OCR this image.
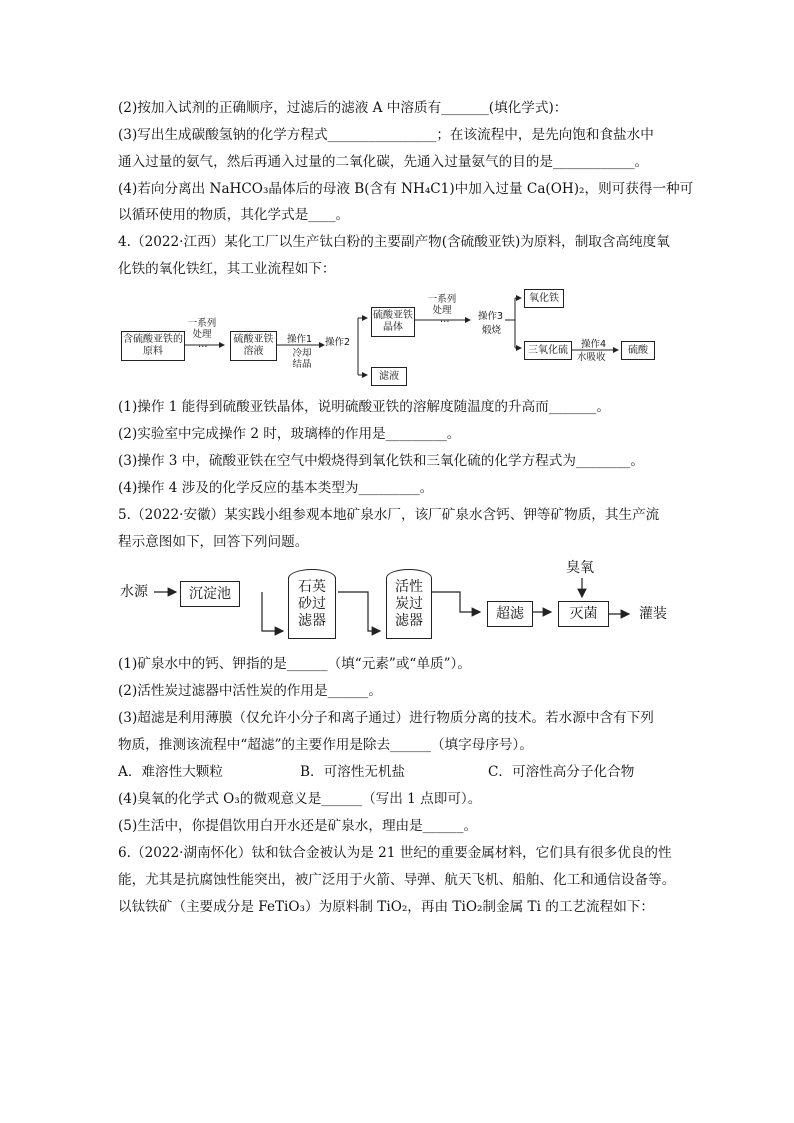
(2)按加入试剂的正确顺序，过滤后的滤液 A 中溶质有_______(填化学式)：
(3)写出生成碳酸氢钠的化学方程式________________；在该流程中，是先向饱和食盐水中
通入过量的氨气，然后再通入过量的二氧化碳，先通入过量氨气的目的是____________。
(4)若向分离出 NaHCO₃晶体后的母液 B(含有 NH₄C1)中加入过量 Ca(OH)₂，则可获得一种可
以循环使用的物质，其化学式是____。
4.（2022·江西）某化工厂以生产钛白粉的主要副产物(含硫酸亚铁)为原料，制取含高纯度氧
化铁的氧化铁红，其工业流程如下：
含硫酸亚铁的原料
一系列处理
…	硫酸亚铁溶液
操作1
冷却结晶
操作2
硫酸亚铁晶体
滤液
一系列处理
…	操作3
煅烧
氧化铁
三氧化硫	操作4
水吸收
硫酸
水源	沉淀池	石英砂过滤器
活性炭过滤器	超滤
臭氧
灭菌	灌装
(1)操作 1 能得到硫酸亚铁晶体，说明硫酸亚铁的溶解度随温度的升高而_______。
(2)实验室中完成操作 2 时，玻璃棒的作用是_________。
(3)操作 3 中，硫酸亚铁在空气中煅烧得到氧化铁和三氧化硫的化学方程式为________。
(4)操作 4 涉及的化学反应的基本类型为_________。
5.（2022·安徽）某实践小组参观本地矿泉水厂，该厂矿泉水含钙、钾等矿物质，其生产流
程示意图如下，回答下列问题。
(1)矿泉水中的钙、钾指的是______（填“元素”或“单质”）。
(2)活性炭过滤器中活性炭的作用是______。
(3)超滤是利用薄膜（仅允许小分子和离子通过）进行物质分离的技术。若水源中含有下列
物质，推测该流程中“超滤”的主要作用是除去______（填字母序号）。
A．难溶性大颗粒	B．可溶性无机盐	C．可溶性高分子化合物
(4)臭氧的化学式 O₃的微观意义是______（写出 1 点即可）。
(5)生活中，你提倡饮用白开水还是矿泉水，理由是______。
6.（2022·湖南怀化）钛和钛合金被认为是 21 世纪的重要金属材料，它们具有很多优良的性
能，尤其是抗腐蚀性能突出，被广泛用于火箭、导弹、航天飞机、船舶、化工和通信设备等。
以钛铁矿（主要成分是 FeTiO₃）为原料制 TiO₂，再由 TiO₂制金属 Ti 的工艺流程如下：
